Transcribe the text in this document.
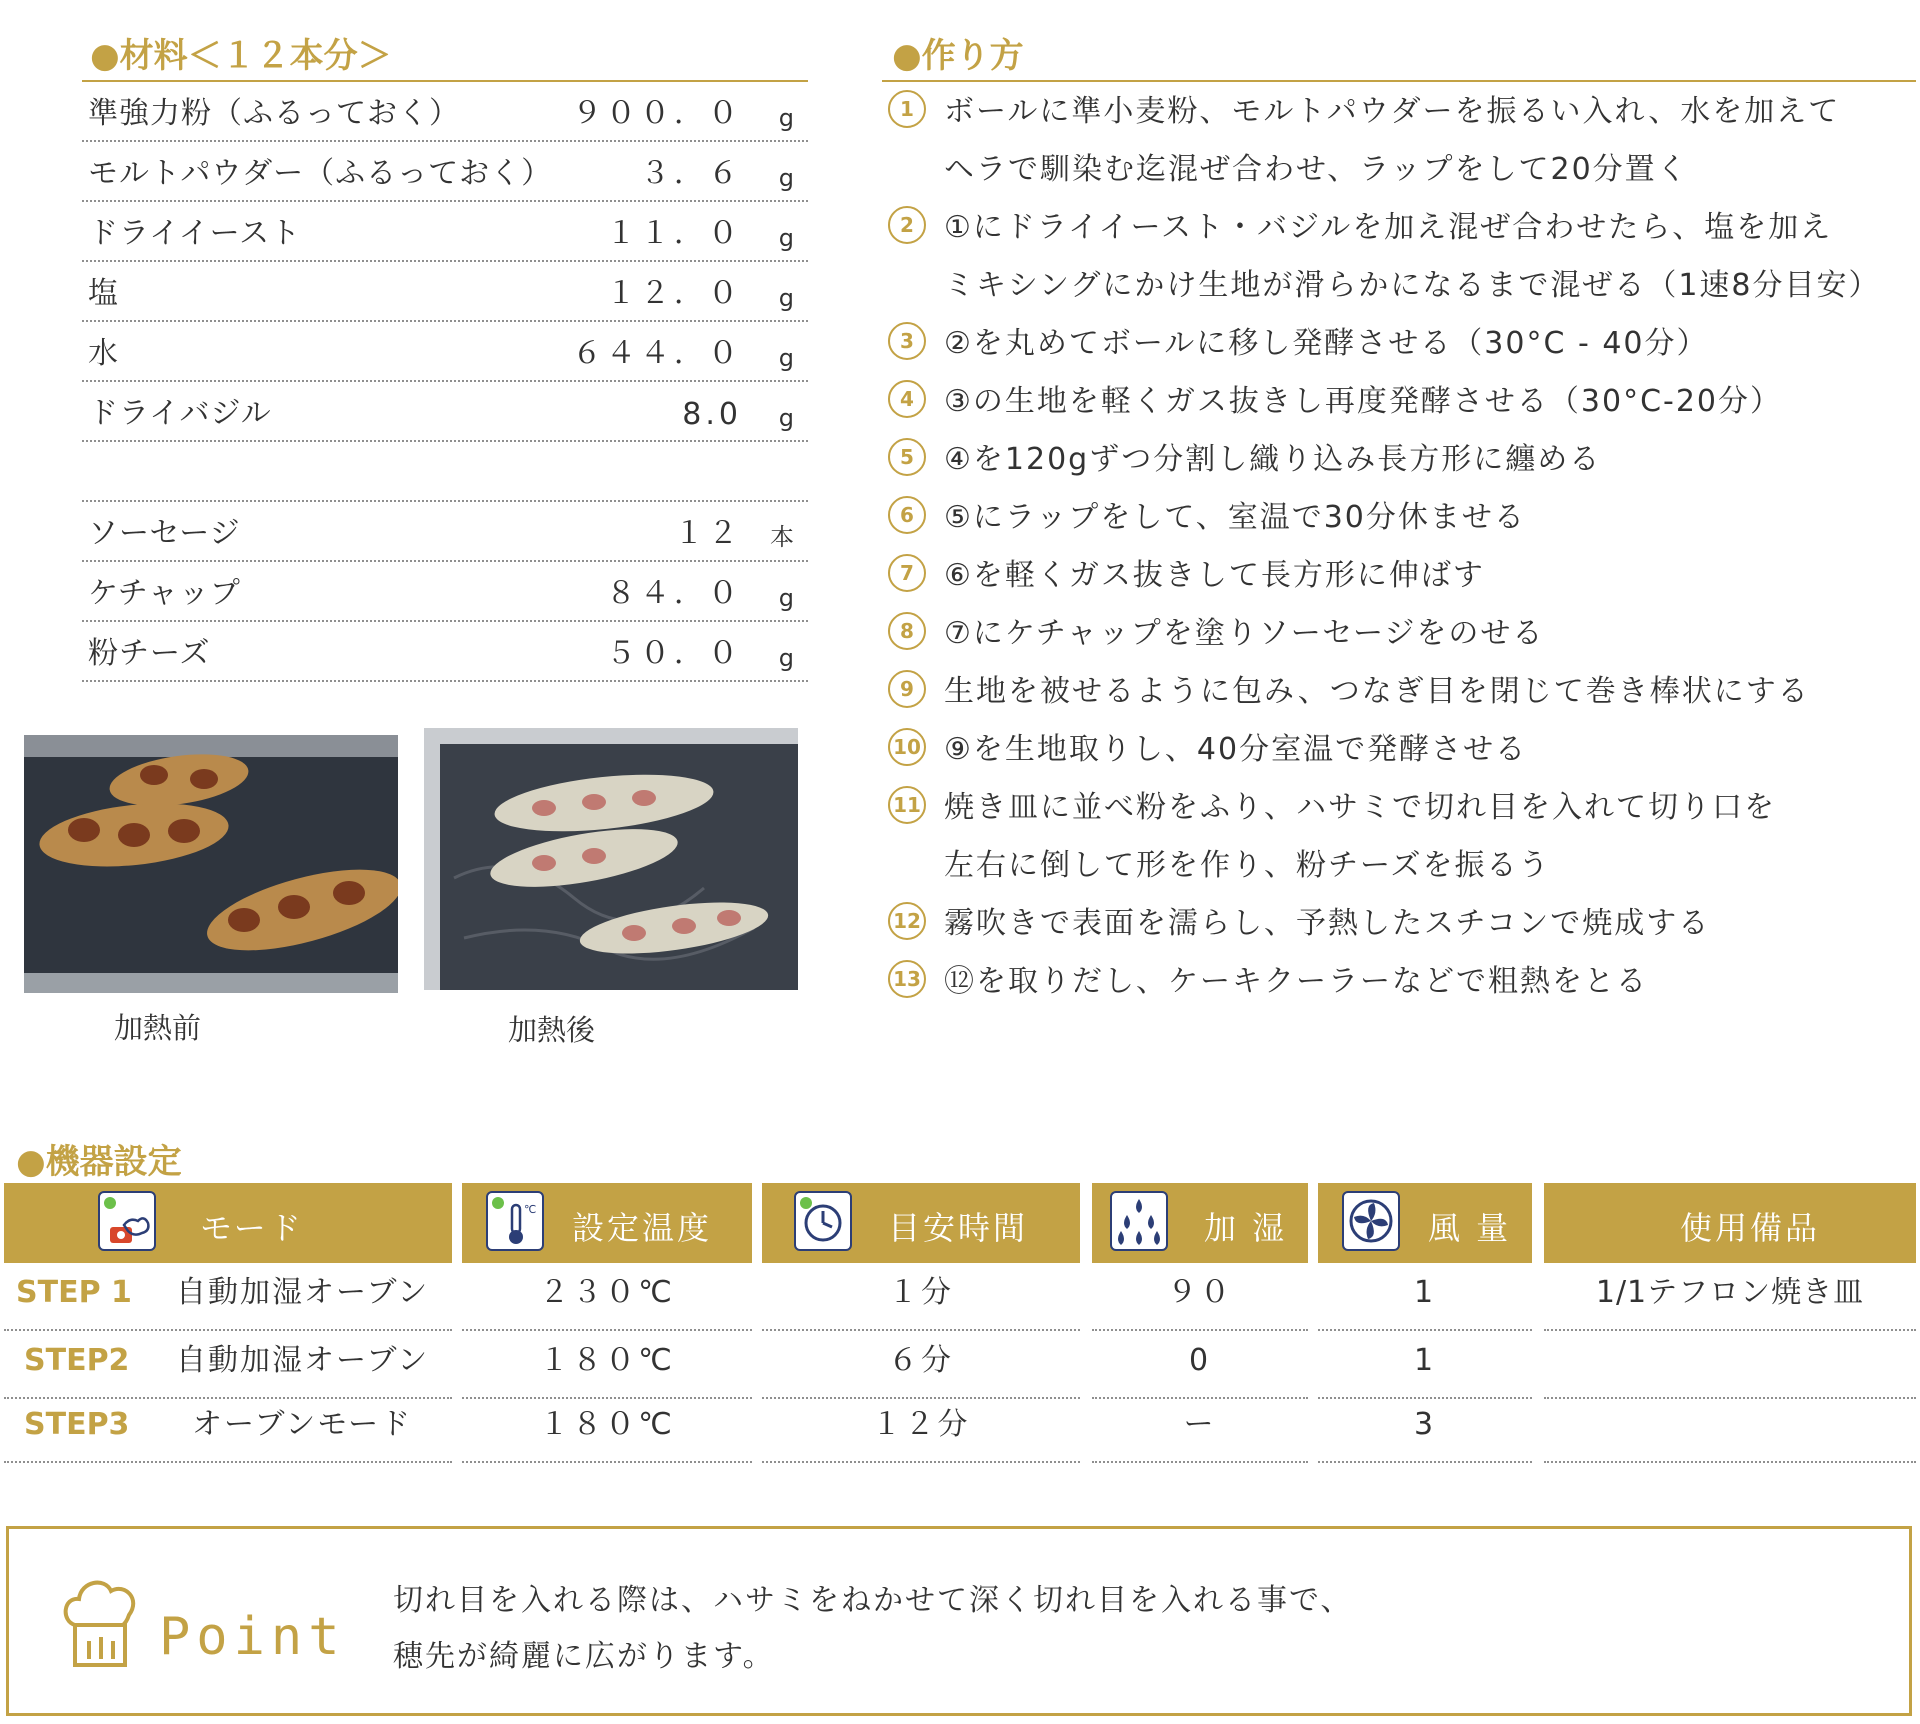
●材料＜１２本分＞
準強力粉（ふるっておく）	９００．０ g
モルトパウダー（ふるっておく）	３．６ g
ドライイースト	１１．０ g
塩	１２．０ g
水	６４４．０ g
ドライバジル	8.0 g
ソーセージ	１２ 本
ケチャップ	８４．０ g
粉チーズ	５０．０ g
加熱前	加熱後
●作り方
1	ボールに準小麦粉、モルトパウダーを振るい入れ、水を加えて
ヘラで馴染む迄混ぜ合わせ、ラップをして20分置く
2	①にドライイースト・バジルを加え混ぜ合わせたら、塩を加え
ミキシングにかけ生地が滑らかになるまで混ぜる（1速8分目安）
3	②を丸めてボールに移し発酵させる（30°C - 40分）
4	③の生地を軽くガス抜きし再度発酵させる（30°C-20分）
5	④を120gずつ分割し織り込み長方形に纏める
6	⑤にラップをして、室温で30分休ませる
7	⑥を軽くガス抜きして長方形に伸ばす
8	⑦にケチャップを塗りソーセージをのせる
9	生地を被せるように包み、つなぎ目を閉じて巻き棒状にする
10 ⑨を生地取りし、40分室温で発酵させる
11 焼き皿に並べ粉をふり、ハサミで切れ目を入れて切り口を
左右に倒して形を作り、粉チーズを振るう
12 霧吹きで表面を濡らし、予熱したスチコンで焼成する
13 ⑫を取りだし、ケーキクーラーなどで粗熱をとる
●機器設定
モード	℃ 設定温度	目安時間	加 湿	風 量	使用備品
STEP 1 自動加湿オーブン	２３０℃	１分	９０	1	1/1テフロン焼き皿
STEP2 自動加湿オーブン	１８０℃	６分	0	1
STEP3 オーブンモード	１８０℃	１２分	ー	3
Point
切れ目を入れる際は、ハサミをねかせて深く切れ目を入れる事で、
穂先が綺麗に広がります。
